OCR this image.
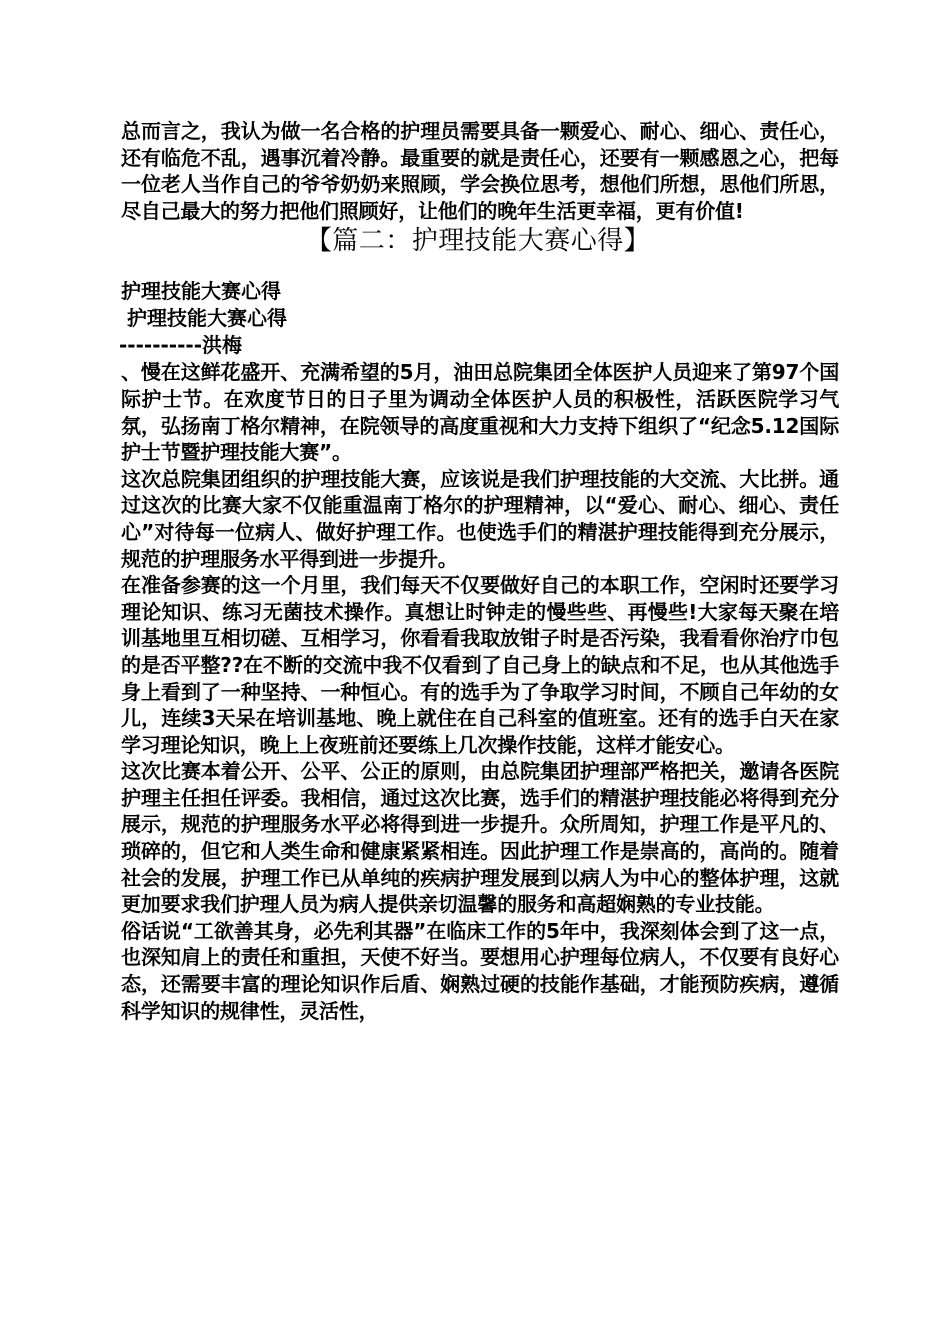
总而言之，我认为做一名合格的护理员需要具备一颗爱心、耐心、细心、责任心，还有临危不乱，遇事沉着冷静。最重要的就是责任心，还要有一颗感恩之心，把每一位老人当作自己的爷爷奶奶来照顾，学会换位思考，想他们所想，思他们所思，尽自己最大的努力把他们照顾好，让他们的晚年生活更幸福，更有价值!

【篇二：护理技能大赛心得】

护理技能大赛心得

护理技能大赛心得

----------洪梅

、慢在这鲜花盛开、充满希望的5月，油田总院集团全体医护人员迎来了第97个国际护士节。在欢度节日的日子里为调动全体医护人员的积极性，活跃医院学习气氛，弘扬南丁格尔精神，在院领导的高度重视和大力支持下组织了“纪念5.12国际护士节暨护理技能大赛”。

这次总院集团组织的护理技能大赛，应该说是我们护理技能的大交流、大比拼。通过这次的比赛大家不仅能重温南丁格尔的护理精神，以“爱心、耐心、细心、责任心”对待每一位病人、做好护理工作。也使选手们的精湛护理技能得到充分展示，规范的护理服务水平得到进一步提升。

在准备参赛的这一个月里，我们每天不仅要做好自己的本职工作，空闲时还要学习理论知识、练习无菌技术操作。真想让时钟走的慢些些、再慢些!大家每天聚在培训基地里互相切磋、互相学习，你看看我取放钳子时是否污染，我看看你治疗巾包的是否平整??在不断的交流中我不仅看到了自己身上的缺点和不足，也从其他选手身上看到了一种坚持、一种恒心。有的选手为了争取学习时间，不顾自己年幼的女儿，连续3天呆在培训基地、晚上就住在自己科室的值班室。还有的选手白天在家学习理论知识，晚上上夜班前还要练上几次操作技能，这样才能安心。

这次比赛本着公开、公平、公正的原则，由总院集团护理部严格把关，邀请各医院护理主任担任评委。我相信，通过这次比赛，选手们的精湛护理技能必将得到充分展示，规范的护理服务水平必将得到进一步提升。众所周知，护理工作是平凡的、琐碎的，但它和人类生命和健康紧紧相连。因此护理工作是崇高的，高尚的。随着社会的发展，护理工作已从单纯的疾病护理发展到以病人为中心的整体护理，这就更加要求我们护理人员为病人提供亲切温馨的服务和高超娴熟的专业技能。

俗话说“工欲善其身，必先利其器”在临床工作的5年中，我深刻体会到了这一点，也深知肩上的责任和重担，天使不好当。要想用心护理每位病人，不仅要有良好心态，还需要丰富的理论知识作后盾、娴熟过硬的技能作基础，才能预防疾病，遵循科学知识的规律性，灵活性，
